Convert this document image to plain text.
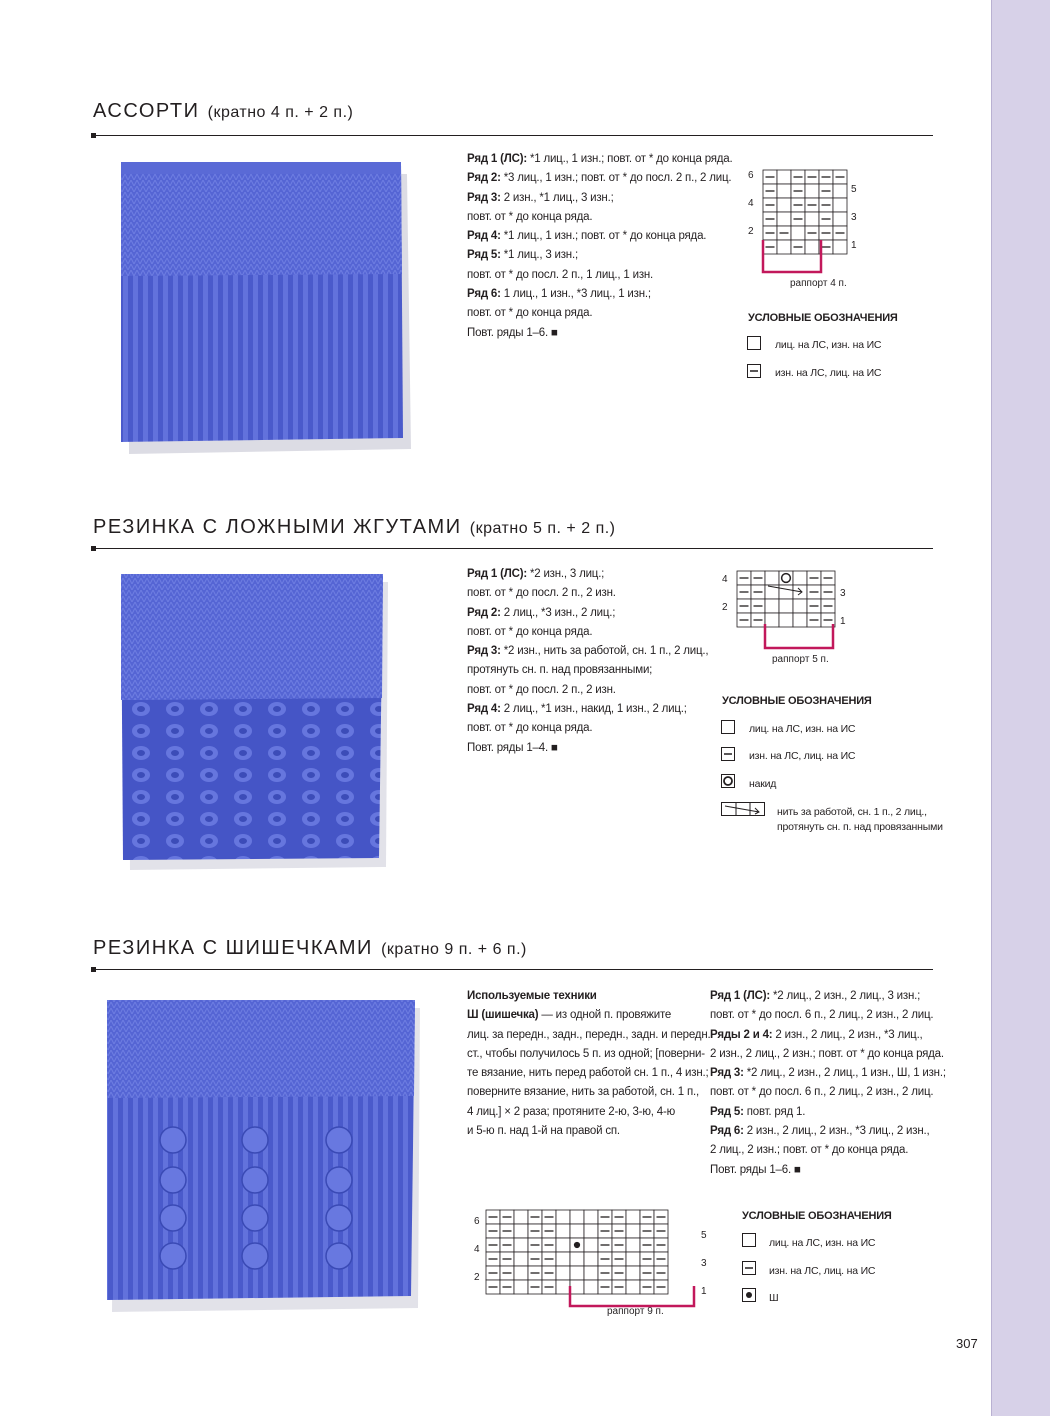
АССОРТИ (кратно 4 п. + 2 п.)
Ряд 1 (ЛС): *1 лиц., 1 изн.; повт. от * до конца ряда.
Ряд 2: *3 лиц., 1 изн.; повт. от * до посл. 2 п., 2 лиц.
Ряд 3: 2 изн., *1 лиц., 3 изн.;
повт. от * до конца ряда.
Ряд 4: *1 лиц., 1 изн.; повт. от * до конца ряда.
Ряд 5: *1 лиц., 3 изн.;
повт. от * до посл. 2 п., 1 лиц., 1 изн.
Ряд 6: 1 лиц., 1 изн., *3 лиц., 1 изн.;
повт. от * до конца ряда.
Повт. ряды 1–6. ■
6
4
2
5
3
1
раппорт 4 п.
УСЛОВНЫЕ ОБОЗНАЧЕНИЯ
лиц. на ЛС, изн. на ИС
изн. на ЛС, лиц. на ИС
РЕЗИНКА С ЛОЖНЫМИ ЖГУТАМИ (кратно 5 п. + 2 п.)
Ряд 1 (ЛС): *2 изн., 3 лиц.;
повт. от * до посл. 2 п., 2 изн.
Ряд 2: 2 лиц., *3 изн., 2 лиц.;
повт. от * до конца ряда.
Ряд 3: *2 изн., нить за работой, сн. 1 п., 2 лиц.,
протянуть сн. п. над провязанными;
повт. от * до посл. 2 п., 2 изн.
Ряд 4: 2 лиц., *1 изн., накид, 1 изн., 2 лиц.;
повт. от * до конца ряда.
Повт. ряды 1–4. ■
4
2
3
1
раппорт 5 п.
УСЛОВНЫЕ ОБОЗНАЧЕНИЯ
лиц. на ЛС, изн. на ИС
изн. на ЛС, лиц. на ИС
накид
нить за работой, сн. 1 п., 2 лиц.,
протянуть сн. п. над провязанными
РЕЗИНКА С ШИШЕЧКАМИ (кратно 9 п. + 6 п.)
Используемые техники
Ш (шишечка) — из одной п. провяжите
лиц. за передн., задн., передн., задн. и передн.
ст., чтобы получилось 5 п. из одной; [поверни-
те вязание, нить перед работой сн. 1 п., 4 изн.;
поверните вязание, нить за работой, сн. 1 п.,
4 лиц.] × 2 раза; протяните 2-ю, 3-ю, 4-ю
и 5-ю п. над 1-й на правой сп.
Ряд 1 (ЛС): *2 лиц., 2 изн., 2 лиц., 3 изн.;
повт. от * до посл. 6 п., 2 лиц., 2 изн., 2 лиц.
Ряды 2 и 4: 2 изн., 2 лиц., 2 изн., *3 лиц.,
2 изн., 2 лиц., 2 изн.; повт. от * до конца ряда.
Ряд 3: *2 лиц., 2 изн., 2 лиц., 1 изн., Ш, 1 изн.;
повт. от * до посл. 6 п., 2 лиц., 2 изн., 2 лиц.
Ряд 5: повт. ряд 1.
Ряд 6: 2 изн., 2 лиц., 2 изн., *3 лиц., 2 изн.,
2 лиц., 2 изн.; повт. от * до конца ряда.
Повт. ряды 1–6. ■
6
4
2
5
3
1
раппорт 9 п.
УСЛОВНЫЕ ОБОЗНАЧЕНИЯ
лиц. на ЛС, изн. на ИС
изн. на ЛС, лиц. на ИС
Ш
307
